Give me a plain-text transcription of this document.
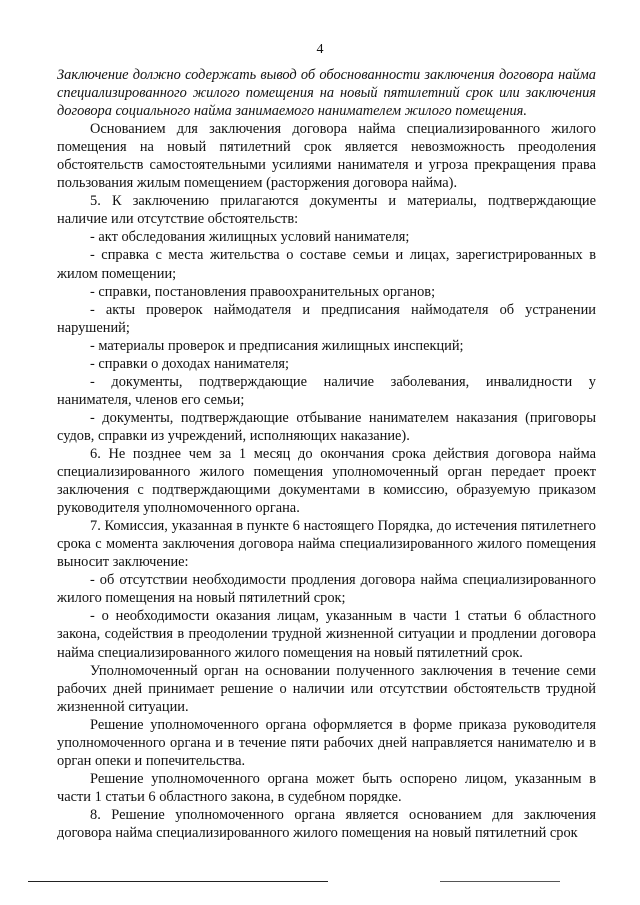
4

Заключение должно содержать вывод об обоснованности заключения договора найма специализированного жилого помещения на новый пятилетний срок или заключения договора социального найма занимаемого нанимателем жилого помещения.

Основанием для заключения договора найма специализированного жилого помещения на новый пятилетний срок является невозможность преодоления обстоятельств самостоятельными усилиями нанимателя и угроза прекращения права пользования жилым помещением (расторжения договора найма).

5. К заключению прилагаются документы и материалы, подтверждающие наличие или отсутствие обстоятельств:

- акт обследования жилищных условий нанимателя;

- справка с места жительства о составе семьи и лицах, зарегистрированных в жилом помещении;

- справки, постановления правоохранительных органов;

- акты проверок наймодателя и предписания наймодателя об устранении нарушений;

- материалы проверок и предписания жилищных инспекций;

- справки о доходах нанимателя;

- документы, подтверждающие наличие заболевания, инвалидности у нанимателя, членов его семьи;

- документы, подтверждающие отбывание нанимателем наказания (приговоры судов, справки из учреждений, исполняющих наказание).

6. Не позднее чем за 1 месяц до окончания срока действия договора найма специализированного жилого помещения уполномоченный орган передает проект заключения с подтверждающими документами в комиссию, образуемую приказом руководителя уполномоченного органа.

7. Комиссия, указанная в пункте 6 настоящего Порядка, до истечения пятилетнего срока с момента заключения договора найма специализированного жилого помещения выносит заключение:

- об отсутствии необходимости продления договора найма специализированного жилого помещения на новый пятилетний срок;

- о необходимости оказания лицам, указанным в части 1 статьи 6 областного закона, содействия в преодолении трудной жизненной ситуации и продлении договора найма специализированного жилого помещения на новый пятилетний срок.

Уполномоченный орган на основании полученного заключения в течение семи рабочих дней принимает решение о наличии или отсутствии обстоятельств трудной жизненной ситуации.

Решение уполномоченного органа оформляется в форме приказа руководителя уполномоченного органа и в течение пяти рабочих дней направляется нанимателю и в орган опеки и попечительства.

Решение уполномоченного органа может быть оспорено лицом, указанным в части 1 статьи 6 областного закона, в судебном порядке.

8. Решение уполномоченного органа является основанием для заключения договора найма специализированного жилого помещения на новый пятилетний срок
